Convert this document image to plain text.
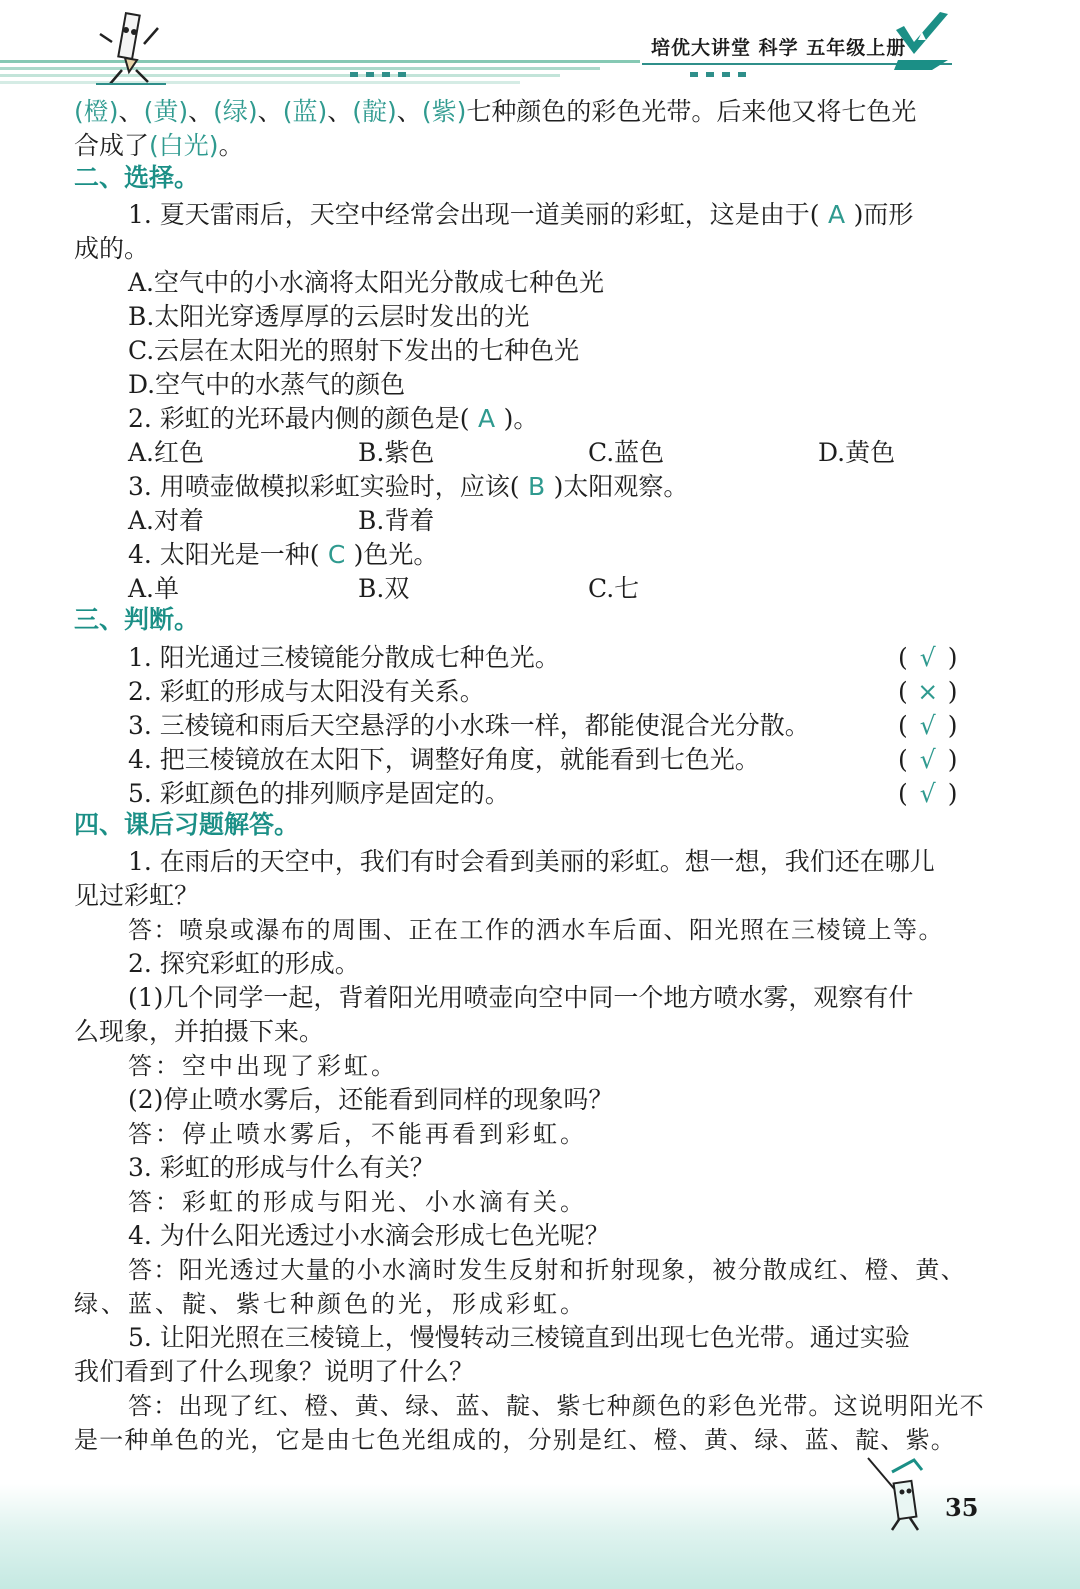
培优大讲堂 科学 五年级上册
(橙)、(黄)、(绿)、(蓝)、(靛)、(紫)七种颜色的彩色光带。后来他又将七色光
合成了(白光)。
二、选择。
1. 夏天雷雨后，天空中经常会出现一道美丽的彩虹，这是由于( A )而形
成的。
A.空气中的小水滴将太阳光分散成七种色光
B.太阳光穿透厚厚的云层时发出的光
C.云层在太阳光的照射下发出的七种色光
D.空气中的水蒸气的颜色
2. 彩虹的光环最内侧的颜色是( A )。
A.红色	B.紫色	C.蓝色	D.黄色
3. 用喷壶做模拟彩虹实验时，应该( B )太阳观察。
A.对着	B.背着
4. 太阳光是一种( C )色光。
A.单	B.双	C.七
三、判断。
1. 阳光通过三棱镜能分散成七种色光。	( √ )
2. 彩虹的形成与太阳没有关系。	( × )
3. 三棱镜和雨后天空悬浮的小水珠一样，都能使混合光分散。	( √ )
4. 把三棱镜放在太阳下，调整好角度，就能看到七色光。	( √ )
5. 彩虹颜色的排列顺序是固定的。	( √ )
四、课后习题解答。
1. 在雨后的天空中，我们有时会看到美丽的彩虹。想一想，我们还在哪儿
见过彩虹？
答：喷泉或瀑布的周围、正在工作的洒水车后面、阳光照在三棱镜上等。
2. 探究彩虹的形成。
(1)几个同学一起，背着阳光用喷壶向空中同一个地方喷水雾，观察有什
么现象，并拍摄下来。
答：空中出现了彩虹。
(2)停止喷水雾后，还能看到同样的现象吗？
答：停止喷水雾后，不能再看到彩虹。
3. 彩虹的形成与什么有关？
答：彩虹的形成与阳光、小水滴有关。
4. 为什么阳光透过小水滴会形成七色光呢？
答：阳光透过大量的小水滴时发生反射和折射现象，被分散成红、橙、黄、
绿、蓝、靛、紫七种颜色的光，形成彩虹。
5. 让阳光照在三棱镜上，慢慢转动三棱镜直到出现七色光带。通过实验
我们看到了什么现象？说明了什么？
答：出现了红、橙、黄、绿、蓝、靛、紫七种颜色的彩色光带。这说明阳光不
是一种单色的光，它是由七色光组成的，分别是红、橙、黄、绿、蓝、靛、紫。
35
